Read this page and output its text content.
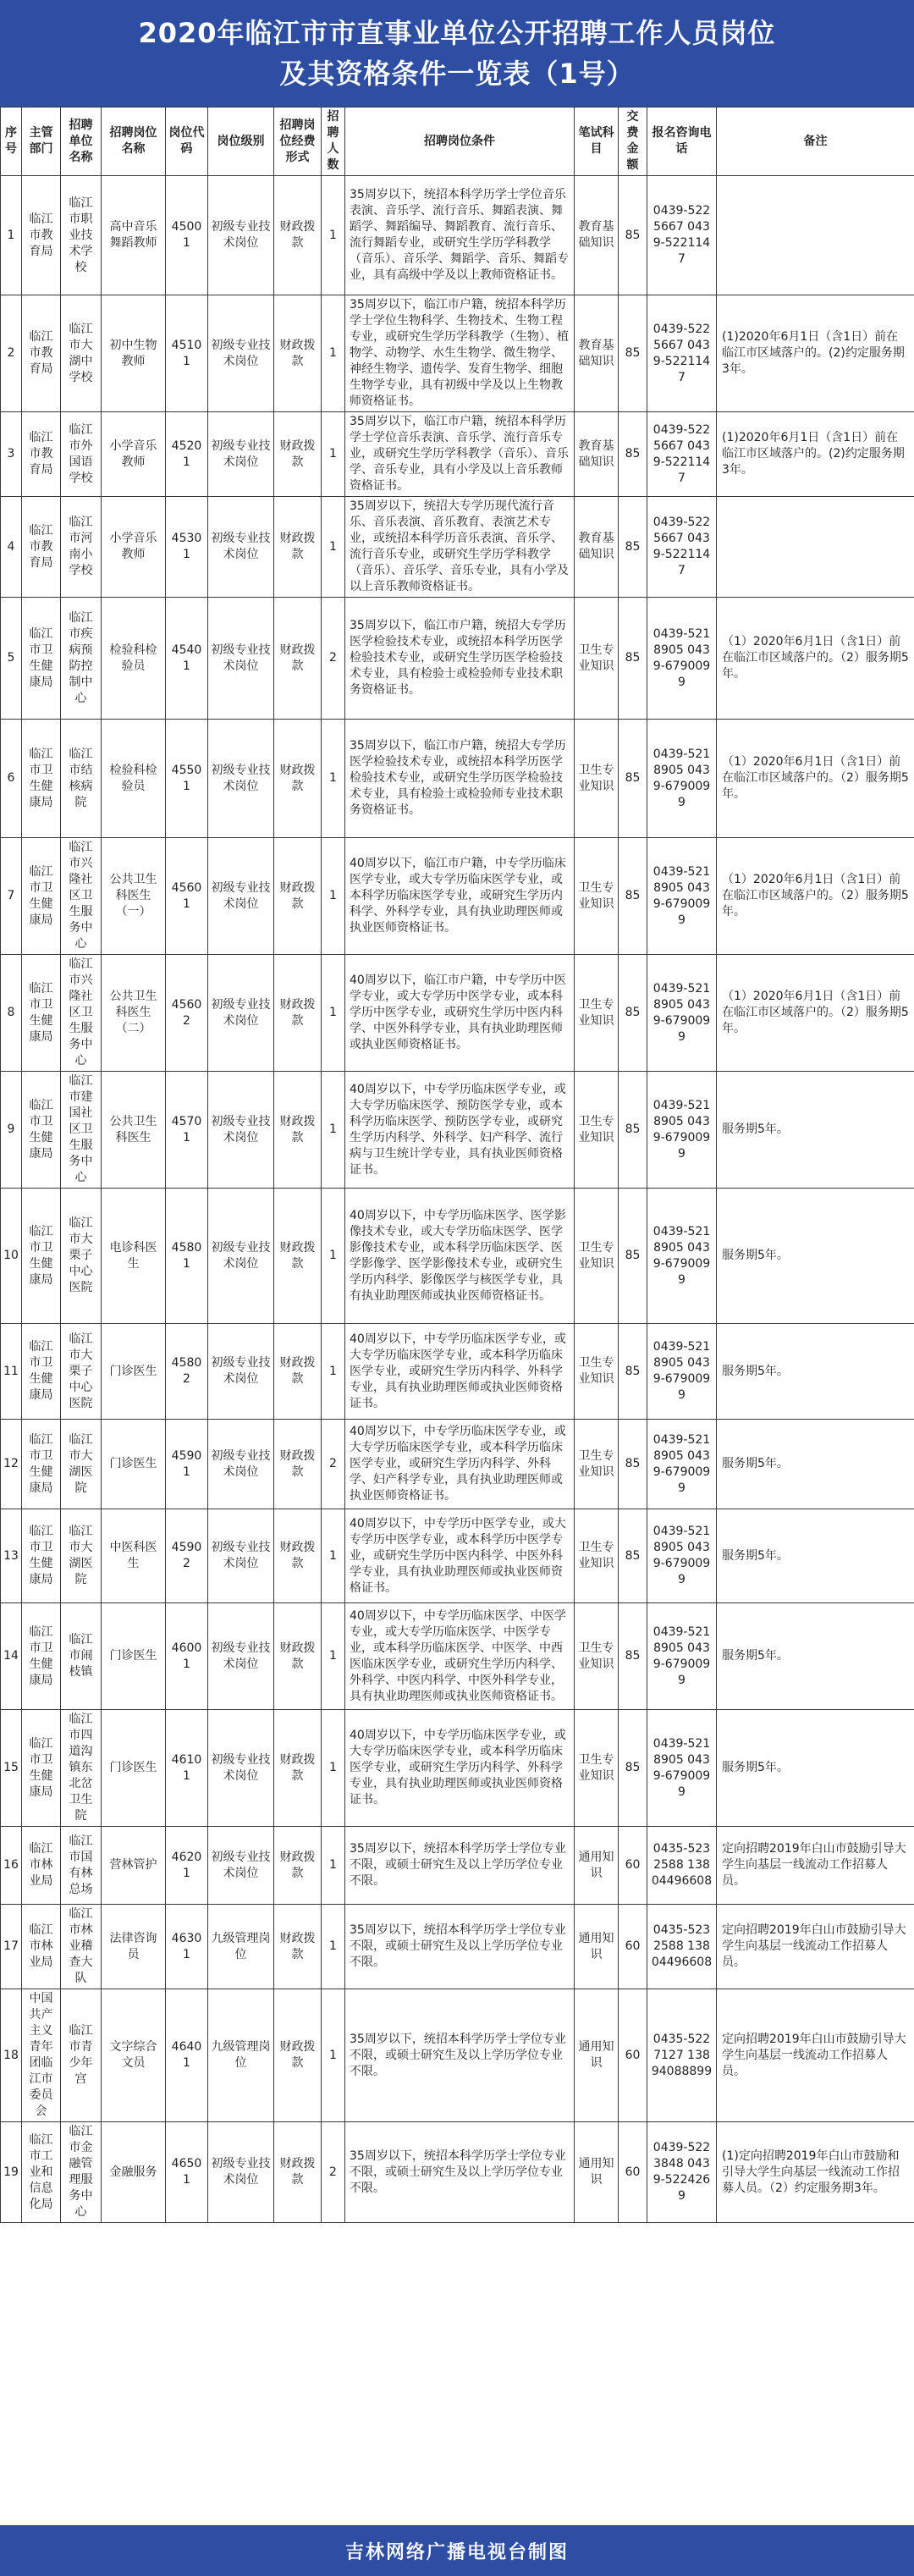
2020年临江市市直事业单位公开招聘工作人员岗位
及其资格条件一览表（1号）
序号	主管部门	招聘单位名称	招聘岗位名称	岗位代码	岗位级别	招聘岗位经费形式	招聘人数	招聘岗位条件	笔试科目	交费金额	报名咨询电话	备注
1	临江市教育局	临江市职业技术学校	高中音乐舞蹈教师	45001	初级专业技术岗位	财政拨款	1	35周岁以下，统招本科学历学士学位音乐表演、音乐学、流行音乐、舞蹈表演、舞蹈学、舞蹈编导、舞蹈教育、流行音乐、流行舞蹈专业，或研究生学历学科教学（音乐）、音乐学、舞蹈学、音乐、舞蹈专业，具有高级中学及以上教师资格证书。	教育基础知识	85	0439-5225667 0439-5221147	
2	临江市教育局	临江市大湖中学校	初中生物教师	45101	初级专业技术岗位	财政拨款	1	35周岁以下，临江市户籍，统招本科学历学士学位生物科学、生物技术、生物工程专业，或研究生学历学科教学（生物）、植物学、动物学、水生生物学、微生物学、神经生物学、遗传学、发育生物学、细胞生物学专业，具有初级中学及以上生物教师资格证书。	教育基础知识	85	0439-5225667 0439-5221147	(1)2020年6月1日（含1日）前在临江市区域落户的。(2)约定服务期3年。
3	临江市教育局	临江市外国语学校	小学音乐教师	45201	初级专业技术岗位	财政拨款	1	35周岁以下，临江市户籍，统招本科学历学士学位音乐表演、音乐学、流行音乐专业，或研究生学历学科教学（音乐）、音乐学、音乐专业，具有小学及以上音乐教师资格证书。	教育基础知识	85	0439-5225667 0439-5221147	(1)2020年6月1日（含1日）前在临江市区域落户的。(2)约定服务期3年。
4	临江市教育局	临江市河南小学校	小学音乐教师	45301	初级专业技术岗位	财政拨款	1	35周岁以下，统招大专学历现代流行音乐、音乐表演、音乐教育、表演艺术专业，或统招本科学历音乐表演、音乐学、流行音乐专业，或研究生学历学科教学（音乐）、音乐学、音乐专业，具有小学及以上音乐教师资格证书。	教育基础知识	85	0439-5225667 0439-5221147	
5	临江市卫生健康局	临江市疾病预防控制中心	检验科检验员	45401	初级专业技术岗位	财政拨款	2	35周岁以下，临江市户籍，统招大专学历医学检验技术专业，或统招本科学历医学检验技术专业，或研究生学历医学检验技术专业，具有检验士或检验师专业技术职务资格证书。	卫生专业知识	85	0439-5218905 0439-6790099	（1）2020年6月1日（含1日）前在临江市区域落户的。（2）服务期5年。
6	临江市卫生健康局	临江市结核病院	检验科检验员	45501	初级专业技术岗位	财政拨款	1	35周岁以下，临江市户籍，统招大专学历医学检验技术专业，或统招本科学历医学检验技术专业，或研究生学历医学检验技术专业，具有检验士或检验师专业技术职务资格证书。	卫生专业知识	85	0439-5218905 0439-6790099	（1）2020年6月1日（含1日）前在临江市区域落户的。（2）服务期5年。
7	临江市卫生健康局	临江市兴隆社区卫生服务中心	公共卫生科医生（一）	45601	初级专业技术岗位	财政拨款	1	40周岁以下，临江市户籍，中专学历临床医学专业，或大专学历临床医学专业，或本科学历临床医学专业，或研究生学历内科学、外科学专业，具有执业助理医师或执业医师资格证书。	卫生专业知识	85	0439-5218905 0439-6790099	（1）2020年6月1日（含1日）前在临江市区域落户的。（2）服务期5年。
8	临江市卫生健康局	临江市兴隆社区卫生服务中心	公共卫生科医生（二）	45602	初级专业技术岗位	财政拨款	1	40周岁以下，临江市户籍，中专学历中医学专业，或大专学历中医学专业，或本科学历中医学专业，或研究生学历中医内科学、中医外科学专业，具有执业助理医师或执业医师资格证书。	卫生专业知识	85	0439-5218905 0439-6790099	（1）2020年6月1日（含1日）前在临江市区域落户的。（2）服务期5年。
9	临江市卫生健康局	临江市建国社区卫生服务中心	公共卫生科医生	45701	初级专业技术岗位	财政拨款	1	40周岁以下，中专学历临床医学专业，或大专学历临床医学、预防医学专业，或本科学历临床医学、预防医学专业，或研究生学历内科学、外科学、妇产科学、流行病与卫生统计学专业，具有执业医师资格证书。	卫生专业知识	85	0439-5218905 0439-6790099	服务期5年。
10	临江市卫生健康局	临江市大栗子中心医院	电诊科医生	45801	初级专业技术岗位	财政拨款	1	40周岁以下，中专学历临床医学、医学影像技术专业，或大专学历临床医学、医学影像技术专业，或本科学历临床医学、医学影像学、医学影像技术专业，或研究生学历内科学、影像医学与核医学专业，具有执业助理医师或执业医师资格证书。	卫生专业知识	85	0439-5218905 0439-6790099	服务期5年。
11	临江市卫生健康局	临江市大栗子中心医院	门诊医生	45802	初级专业技术岗位	财政拨款	1	40周岁以下，中专学历临床医学专业，或大专学历临床医学专业，或本科学历临床医学专业，或研究生学历内科学、外科学专业，具有执业助理医师或执业医师资格证书。	卫生专业知识	85	0439-5218905 0439-6790099	服务期5年。
12	临江市卫生健康局	临江市大湖医院	门诊医生	45901	初级专业技术岗位	财政拨款	2	40周岁以下，中专学历临床医学专业，或大专学历临床医学专业，或本科学历临床医学专业，或研究生学历内科学、外科学、妇产科学专业，具有执业助理医师或执业医师资格证书。	卫生专业知识	85	0439-5218905 0439-6790099	服务期5年。
13	临江市卫生健康局	临江市大湖医院	中医科医生	45902	初级专业技术岗位	财政拨款	1	40周岁以下，中专学历中医学专业，或大专学历中医学专业，或本科学历中医学专业，或研究生学历中医内科学、中医外科学专业，具有执业助理医师或执业医师资格证书。	卫生专业知识	85	0439-5218905 0439-6790099	服务期5年。
14	临江市卫生健康局	临江市闹枝镇	门诊医生	46001	初级专业技术岗位	财政拨款	1	40周岁以下，中专学历临床医学、中医学专业，或大专学历临床医学、中医学专业，或本科学历临床医学、中医学、中西医临床医学专业，或研究生学历内科学、外科学、中医内科学、中医外科学专业，具有执业助理医师或执业医师资格证书。	卫生专业知识	85	0439-5218905 0439-6790099	服务期5年。
15	临江市卫生健康局	临江市四道沟镇东北岔卫生院	门诊医生	46101	初级专业技术岗位	财政拨款	1	40周岁以下，中专学历临床医学专业，或大专学历临床医学专业，或本科学历临床医学专业，或研究生学历内科学、外科学专业，具有执业助理医师或执业医师资格证书。	卫生专业知识	85	0439-5218905 0439-6790099	服务期5年。
16	临江市林业局	临江市国有林总场	营林管护	46201	初级专业技术岗位	财政拨款	1	35周岁以下，统招本科学历学士学位专业不限，或硕士研究生及以上学历学位专业不限。	通用知识	60	0435-5232588 13804496608	定向招聘2019年白山市鼓励引导大学生向基层一线流动工作招募人员。
17	临江市林业局	临江市林业稽查大队	法律咨询员	46301	九级管理岗位	财政拨款	1	35周岁以下，统招本科学历学士学位专业不限，或硕士研究生及以上学历学位专业不限。	通用知识	60	0435-5232588 13804496608	定向招聘2019年白山市鼓励引导大学生向基层一线流动工作招募人员。
18	中国共产主义青年团临江市委员会	临江市青少年宫	文字综合文员	46401	九级管理岗位	财政拨款	1	35周岁以下，统招本科学历学士学位专业不限，或硕士研究生及以上学历学位专业不限。	通用知识	60	0435-5227127 13894088899	定向招聘2019年白山市鼓励引导大学生向基层一线流动工作招募人员。
19	临江市工业和信息化局	临江市金融管理服务中心	金融服务	46501	初级专业技术岗位	财政拨款	2	35周岁以下，统招本科学历学士学位专业不限，或硕士研究生及以上学历学位专业不限。	通用知识	60	0439-5223848 0439-5224269	(1)定向招聘2019年白山市鼓励和引导大学生向基层一线流动工作招募人员。（2）约定服务期3年。
吉林网络广播电视台制图
